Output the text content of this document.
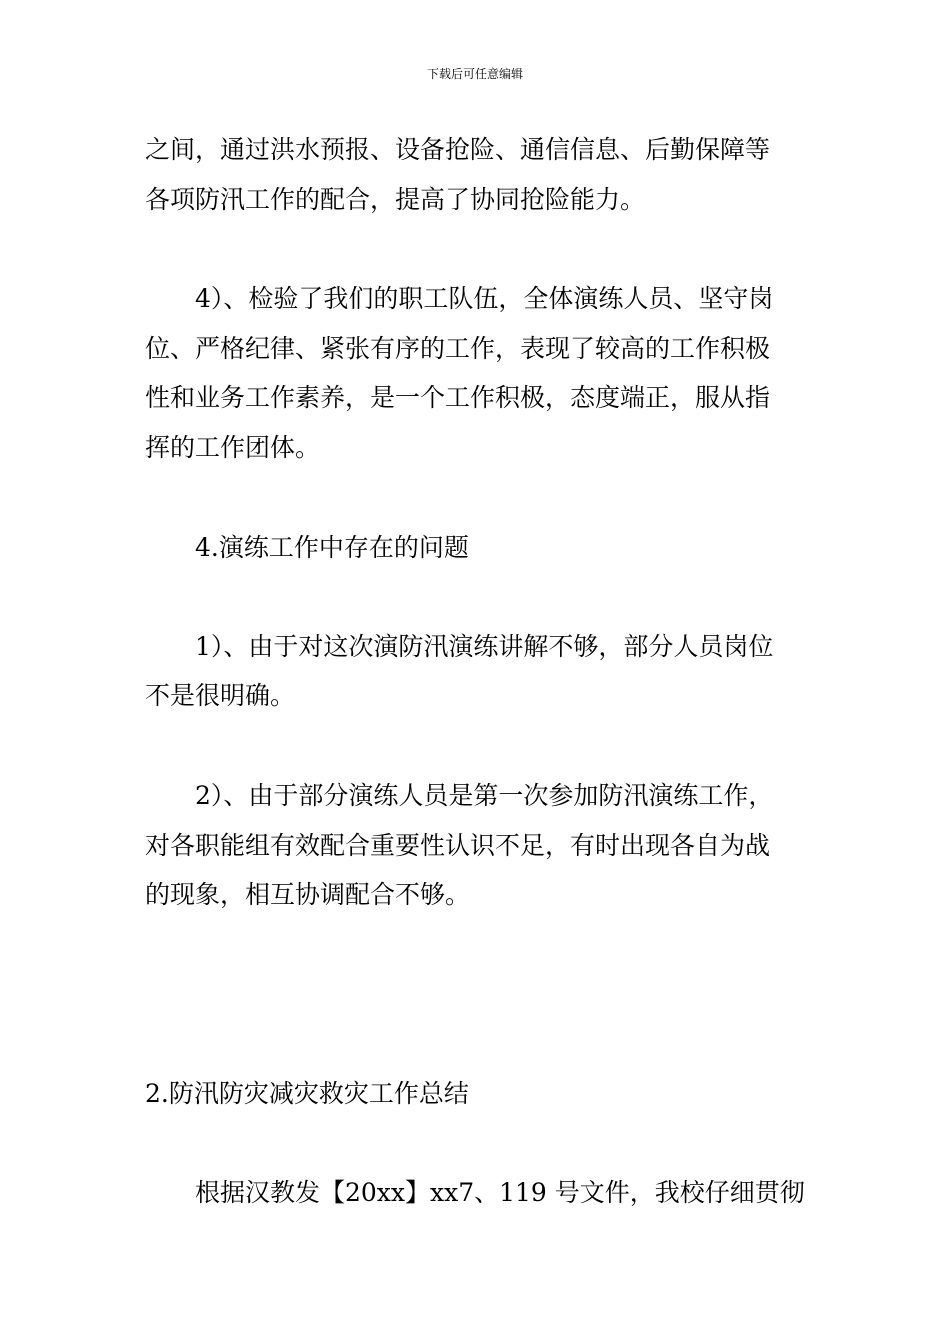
下载后可任意编辑
之间，通过洪水预报、设备抢险、通信信息、后勤保障等
各项防汛工作的配合，提高了协同抢险能力。
4）、检验了我们的职工队伍，全体演练人员、坚守岗
位、严格纪律、紧张有序的工作，表现了较高的工作积极
性和业务工作素养，是一个工作积极，态度端正，服从指
挥的工作团体。
4.演练工作中存在的问题
1）、由于对这次演防汛演练讲解不够，部分人员岗位
不是很明确。
2）、由于部分演练人员是第一次参加防汛演练工作，
对各职能组有效配合重要性认识不足，有时出现各自为战
的现象，相互协调配合不够。
2.防汛防灾减灾救灾工作总结
根据汉教发【20xx】xx7、119 号文件，我校仔细贯彻
